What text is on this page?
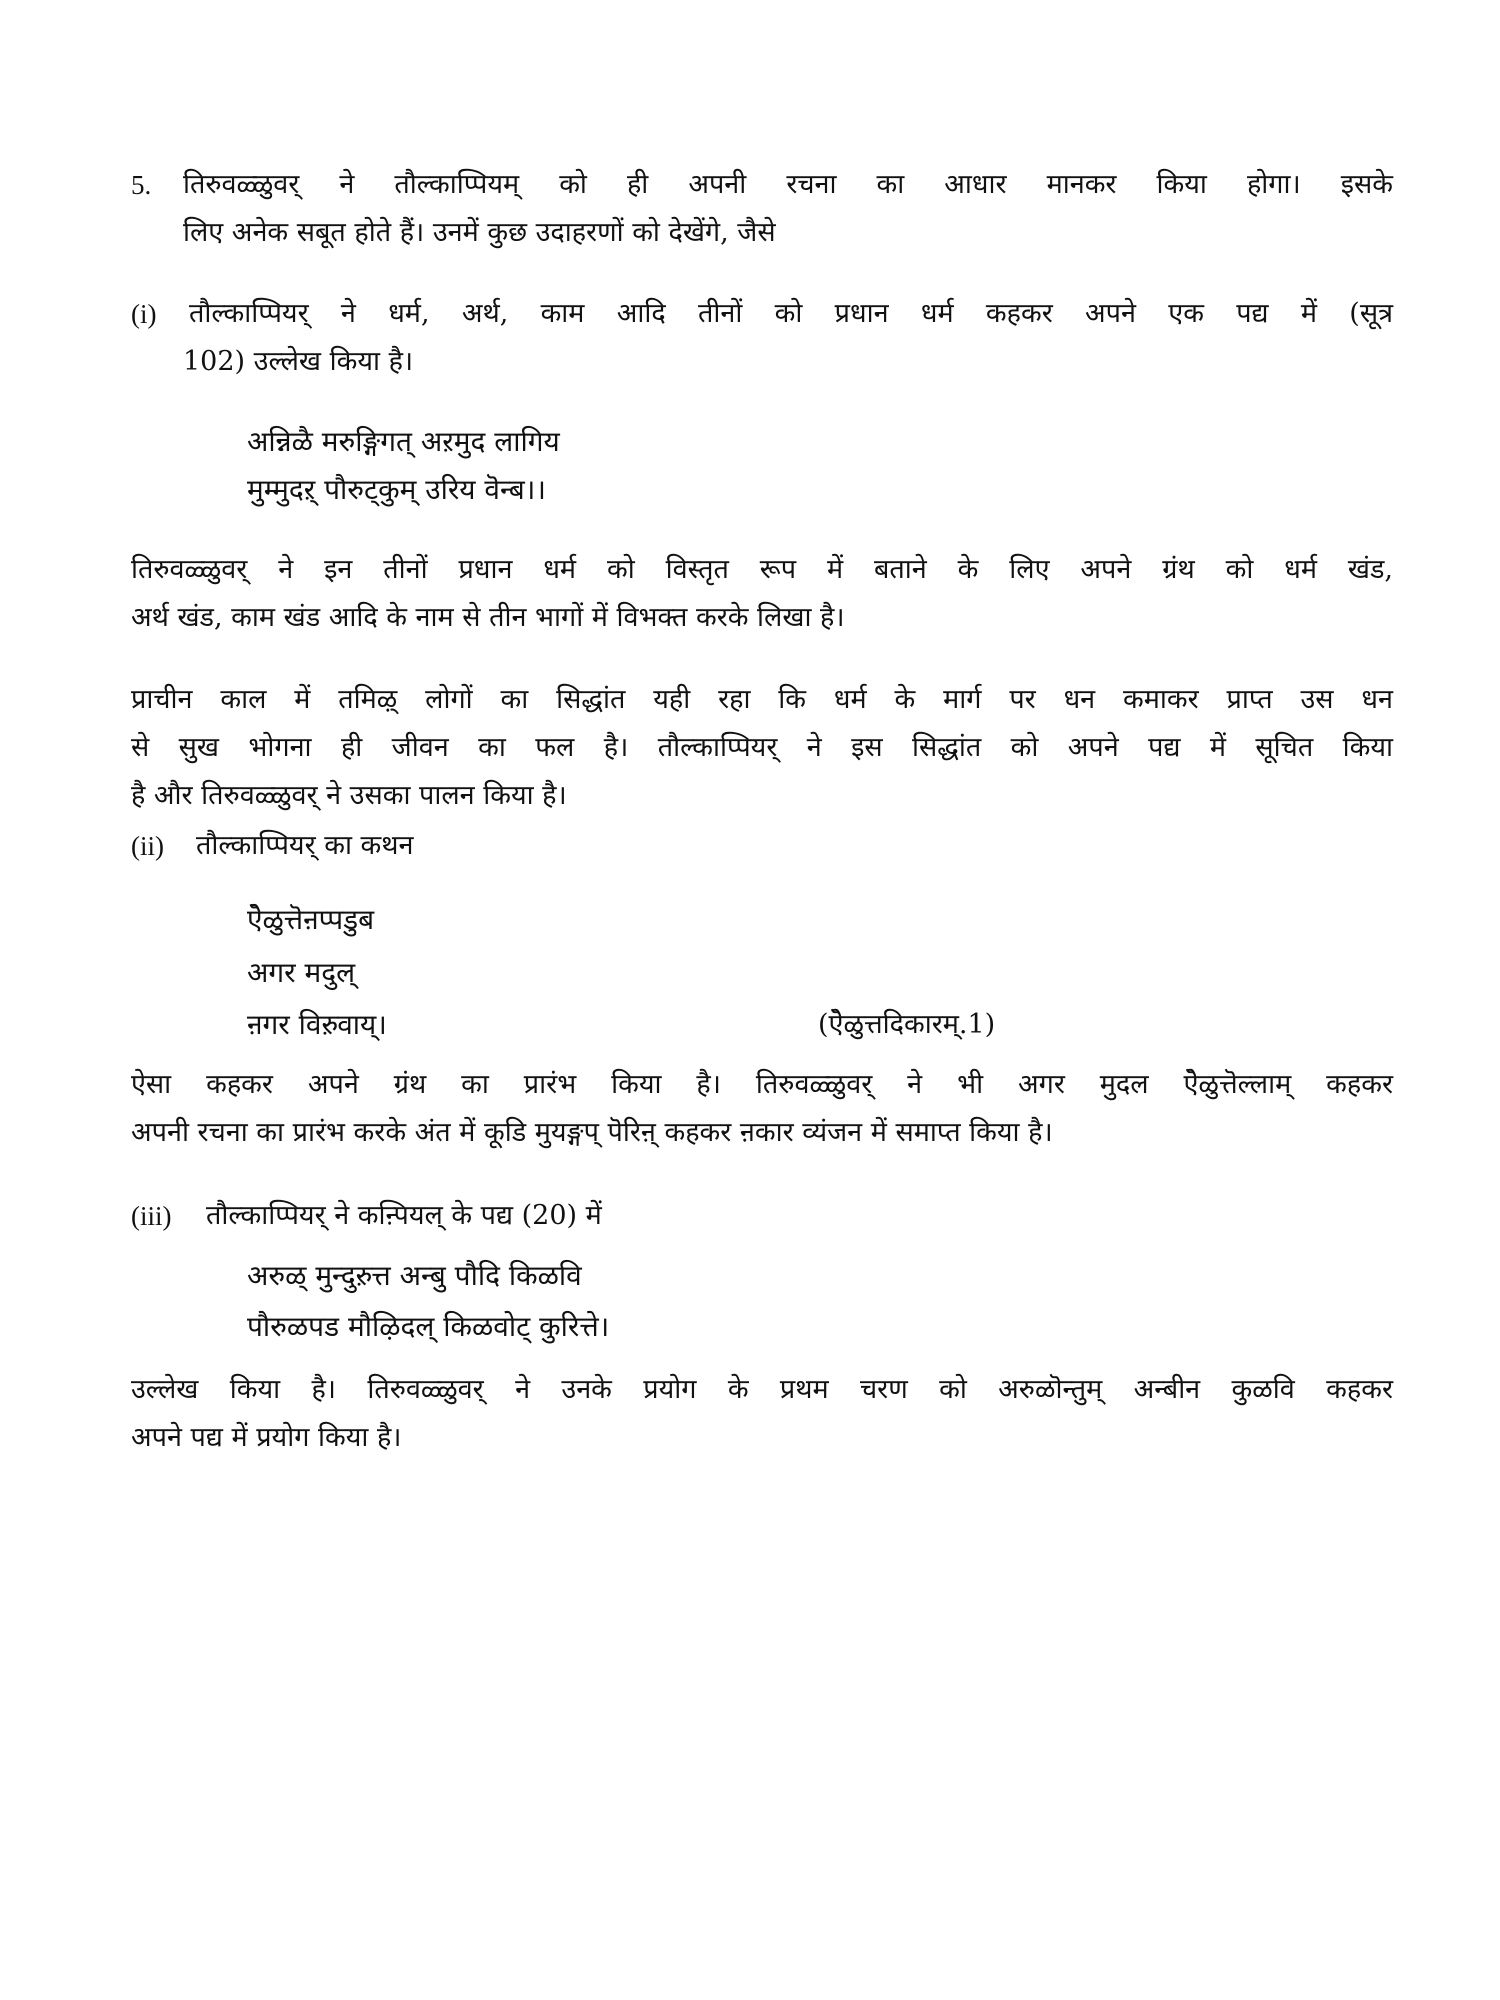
5. तिरुवळ्ळुवर् ने तौल्काप्पियम् को ही अपनी रचना का आधार मानकर किया होगा। इसके
लिए अनेक सबूत होते हैं। उनमें कुछ उदाहरणों को देखेंगे, जैसे
(i) तौल्काप्पियर् ने धर्म, अर्थ, काम आदि तीनों को प्रधान धर्म कहकर अपने एक पद्य में (सूत्र
102) उल्लेख किया है।
अन्निळै मरुङ्गिगत् अऱमुद लागिय
मुम्मुदऱ् पौरुट्कुम् उरिय वॆन्ब।।
तिरुवळ्ळुवर् ने इन तीनों प्रधान धर्म को विस्तृत रूप में बताने के लिए अपने ग्रंथ को धर्म खंड,
अर्थ खंड, काम खंड आदि के नाम से तीन भागों में विभक्त करके लिखा है।
प्राचीन काल में तमिऴ् लोगों का सिद्धांत यही रहा कि धर्म के मार्ग पर धन कमाकर प्राप्त उस धन
से सुख भोगना ही जीवन का फल है। तौल्काप्पियर् ने इस सिद्धांत को अपने पद्य में सूचित किया
है और तिरुवळ्ळुवर् ने उसका पालन किया है।
(ii) तौल्काप्पियर् का कथन
ऐॆळुत्तॆऩप्पडुब
अगर मदुल्
ऩगर विऱुवाय्।	(ऐॆळुत्तदिकारम्.1)
ऐसा कहकर अपने ग्रंथ का प्रारंभ किया है। तिरुवळ्ळुवर् ने भी अगर मुदल ऐॆळुत्तॆल्लाम् कहकर
अपनी रचना का प्रारंभ करके अंत में कूडि मुयङ्गप् पॆरिऩ् कहकर ऩकार व्यंजन में समाप्त किया है।
(iii) तौल्काप्पियर् ने कऩ्पियल् के पद्य (20) में
अरुळ् मुन्दुऱुत्त अन्बु पौदि किळवि
पौरुळपड मौऴिदल् किळवोट् कुरित्ते।
उल्लेख किया है। तिरुवळ्ळुवर् ने उनके प्रयोग के प्रथम चरण को अरुळॊन्तुम् अन्बीन कुळवि कहकर
अपने पद्य में प्रयोग किया है।
